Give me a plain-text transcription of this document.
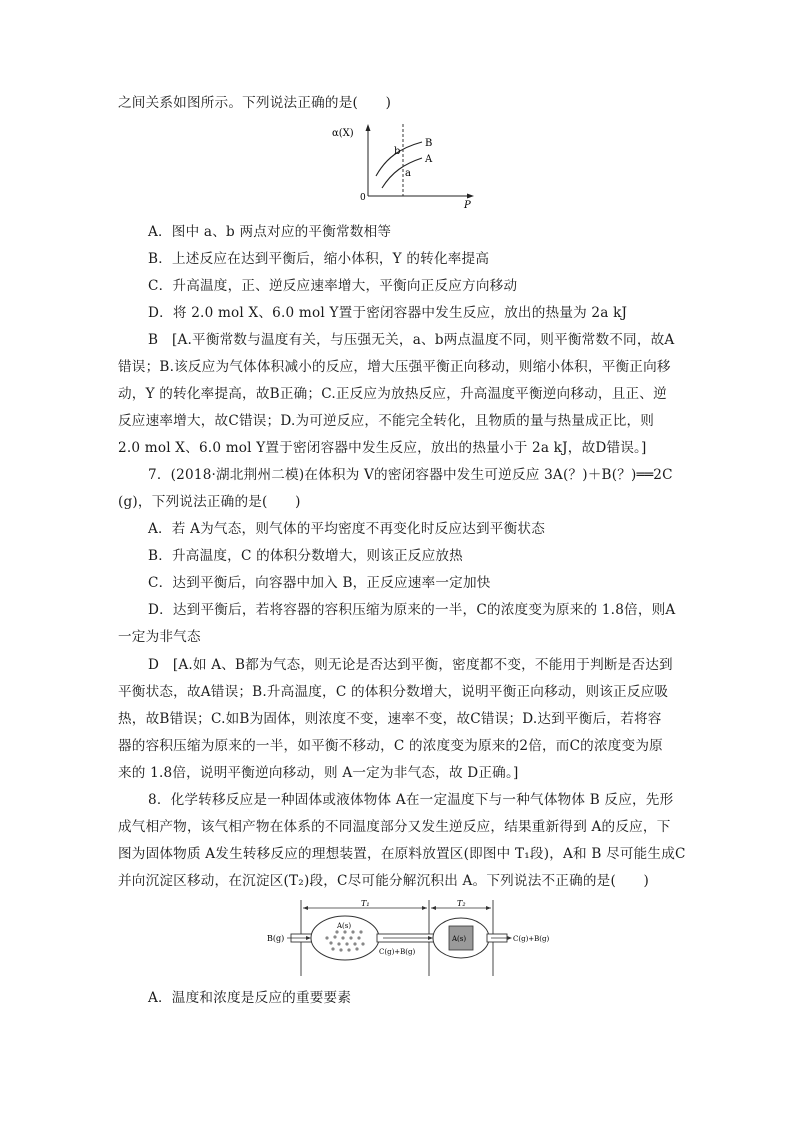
之间关系如图所示。下列说法正确的是(　　)
α(X)
P
0
B
A
b
a
A．图中 a、b 两点对应的平衡常数相等
B．上述反应在达到平衡后，缩小体积，Y 的转化率提高
C．升高温度，正、逆反应速率增大，平衡向正反应方向移动
D．将 2.0 mol X、6.0 mol Y置于密闭容器中发生反应，放出的热量为 2a kJ
B　[A.平衡常数与温度有关，与压强无关，a、b两点温度不同，则平衡常数不同，故A
错误；B.该反应为气体体积减小的反应，增大压强平衡正向移动，则缩小体积，平衡正向移
动，Y 的转化率提高，故B正确；C.正反应为放热反应，升高温度平衡逆向移动，且正、逆
反应速率增大，故C错误；D.为可逆反应，不能完全转化，且物质的量与热量成正比，则
2.0 mol X、6.0 mol Y置于密闭容器中发生反应，放出的热量小于 2a kJ，故D错误。]
7．(2018·湖北荆州二模)在体积为 V的密闭容器中发生可逆反应 3A(？)＋B(？)══2C
(g)，下列说法正确的是(　　)
A．若 A为气态，则气体的平均密度不再变化时反应达到平衡状态
B．升高温度，C 的体积分数增大，则该正反应放热
C．达到平衡后，向容器中加入 B，正反应速率一定加快
D．达到平衡后，若将容器的容积压缩为原来的一半，C的浓度变为原来的 1.8倍，则A
一定为非气态
D　[A.如 A、B都为气态，则无论是否达到平衡，密度都不变，不能用于判断是否达到
平衡状态，故A错误；B.升高温度，C 的体积分数增大，说明平衡正向移动，则该正反应吸
热，故B错误；C.如B为固体，则浓度不变，速率不变，故C错误；D.达到平衡后，若将容
器的容积压缩为原来的一半，如平衡不移动，C 的浓度变为原来的2倍，而C的浓度变为原
来的 1.8倍，说明平衡逆向移动，则 A一定为非气态，故 D正确。]
8．化学转移反应是一种固体或液体物体 A在一定温度下与一种气体物体 B 反应，先形
成气相产物，该气相产物在体系的不同温度部分又发生逆反应，结果重新得到 A的反应，下
图为固体物质 A发生转移反应的理想装置，在原料放置区(即图中 T₁段)，A和 B 尽可能生成C
并向沉淀区移动，在沉淀区(T₂)段，C尽可能分解沉积出 A。下列说法不正确的是(　　)
T₁	T₂
B(g)
A(s)
C(g)+B(g)
A(s)	C(g)+B(g)
A．温度和浓度是反应的重要要素
